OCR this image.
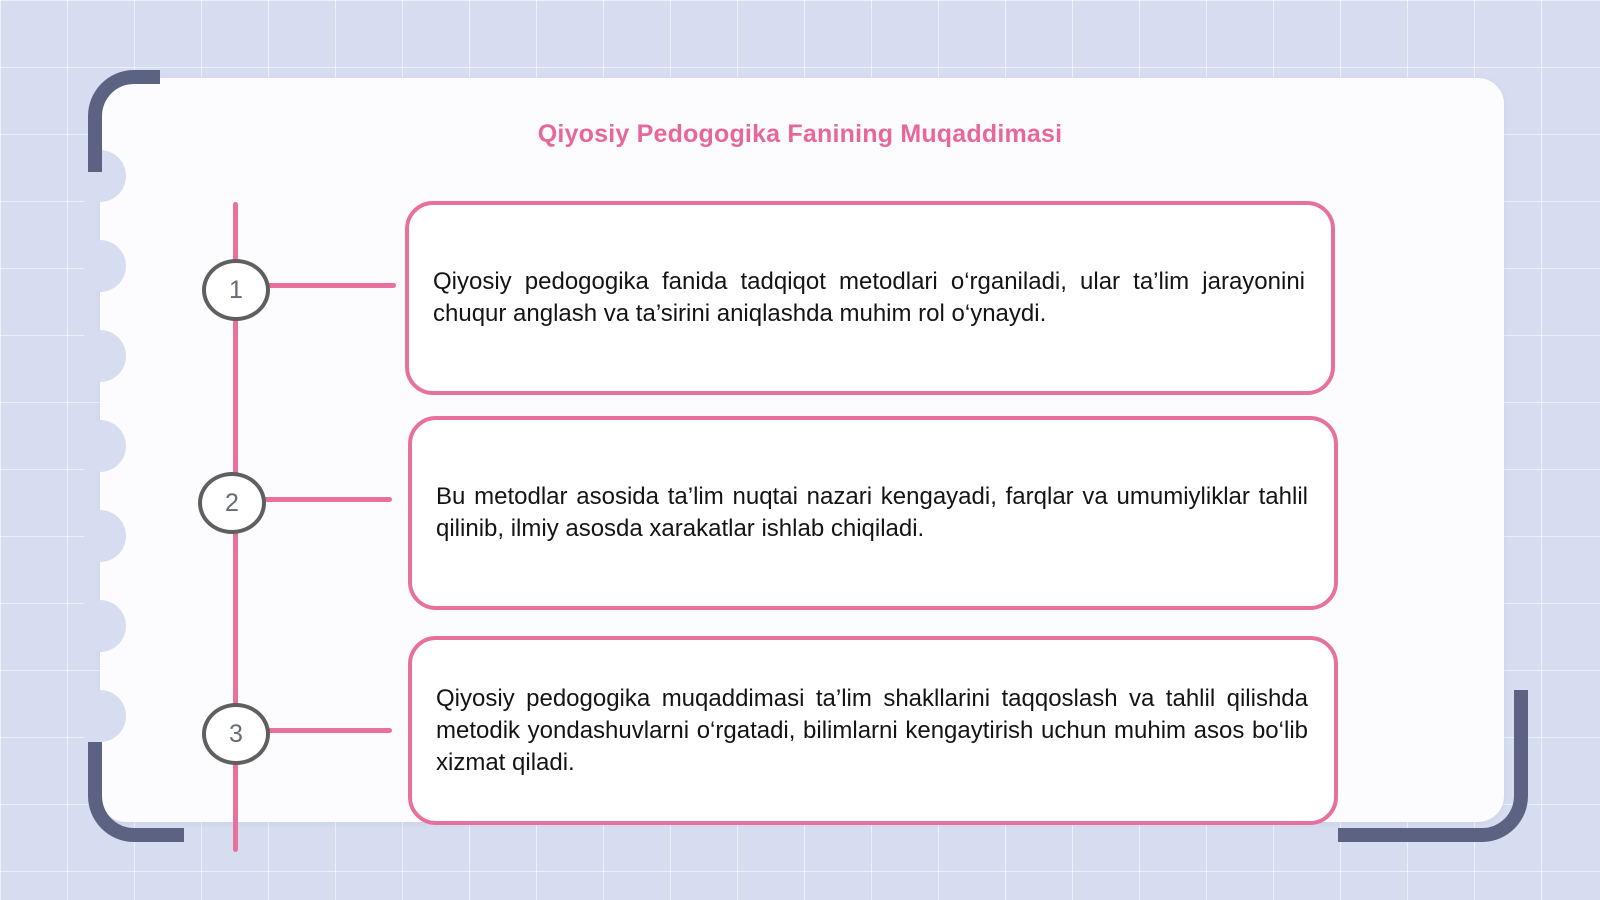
Qiyosiy Pedogogika Fanining Muqaddimasi
1	Qiyosiy pedogogika fanida tadqiqot metodlari o‘rganiladi, ular ta’lim jarayonini chuqur anglash va ta’sirini aniqlashda muhim rol o‘ynaydi.
2	Bu metodlar asosida ta’lim nuqtai nazari kengayadi, farqlar va umumiyliklar tahlil qilinib, ilmiy asosda xarakatlar ishlab chiqiladi.
3
Qiyosiy pedogogika muqaddimasi ta’lim shakllarini taqqoslash va tahlil qilishda metodik yondashuvlarni o‘rgatadi, bilimlarni kengaytirish uchun muhim asos bo‘lib xizmat qiladi.
